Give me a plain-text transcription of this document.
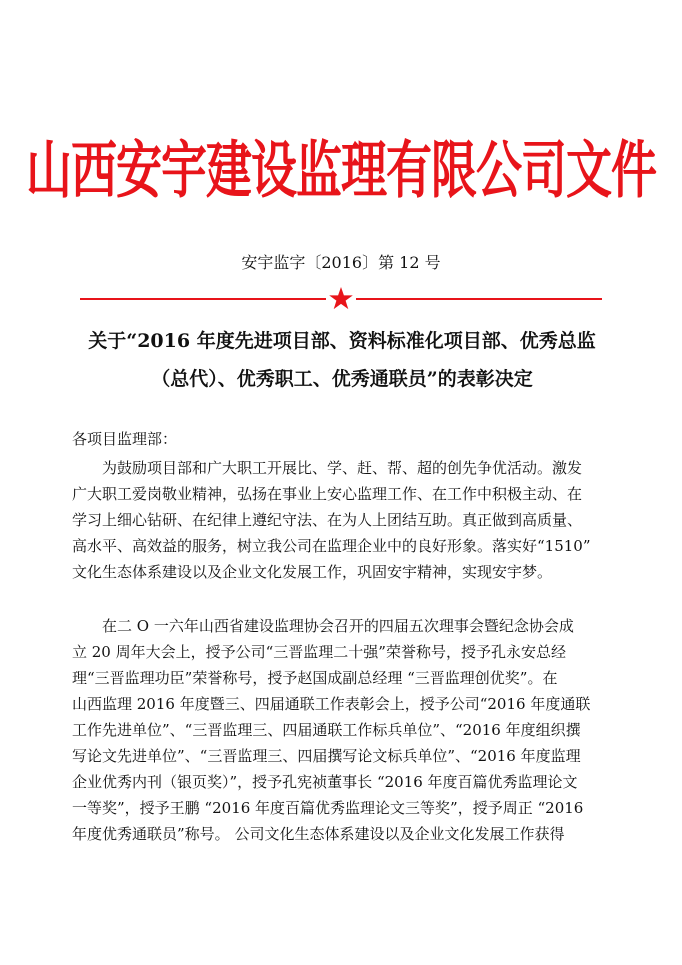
山西安宇建设监理有限公司文件
安宇监字〔2016〕第 12 号
关于“2016 年度先进项目部、资料标准化项目部、优秀总监
（总代）、优秀职工、优秀通联员”的表彰决定
各项目监理部：
　　为鼓励项目部和广大职工开展比、学、赶、帮、超的创先争优活动。激发
广大职工爱岗敬业精神，弘扬在事业上安心监理工作、在工作中积极主动、在
学习上细心钻研、在纪律上遵纪守法、在为人上团结互助。真正做到高质量、
高水平、高效益的服务，树立我公司在监理企业中的良好形象。落实好“1510”
文化生态体系建设以及企业文化发展工作，巩固安宇精神，实现安宇梦。
　　在二 O 一六年山西省建设监理协会召开的四届五次理事会暨纪念协会成
立 20 周年大会上，授予公司“三晋监理二十强”荣誉称号，授予孔永安总经
理“三晋监理功臣”荣誉称号，授予赵国成副总经理 “三晋监理创优奖”。在
山西监理 2016 年度暨三、四届通联工作表彰会上，授予公司“2016 年度通联
工作先进单位”、“三晋监理三、四届通联工作标兵单位”、“2016 年度组织撰
写论文先进单位”、“三晋监理三、四届撰写论文标兵单位”、“2016 年度监理
企业优秀内刊（银页奖）”，授予孔宪祯董事长 “2016 年度百篇优秀监理论文
一等奖”，授予王鹏 “2016 年度百篇优秀监理论文三等奖”，授予周正 “2016
年度优秀通联员”称号。 公司文化生态体系建设以及企业文化发展工作获得
